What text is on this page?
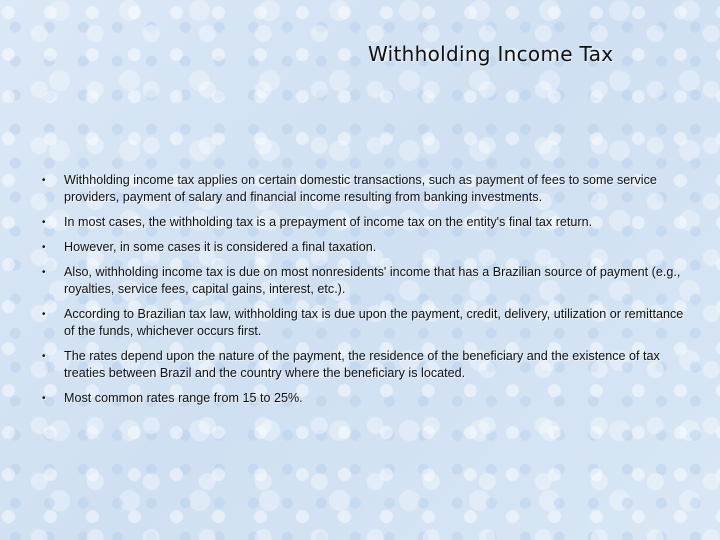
Withholding Income Tax
• Withholding income tax applies on certain domestic transactions, such as payment of fees to some service providers, payment of salary and financial income resulting from banking investments.
• In most cases, the withholding tax is a prepayment of income tax on the entity's final tax return.
• However, in some cases it is considered a final taxation.
• Also, withholding income tax is due on most nonresidents' income that has a Brazilian source of payment (e.g., royalties, service fees, capital gains, interest, etc.).
• According to Brazilian tax law, withholding tax is due upon the payment, credit, delivery, utilization or remittance of the funds, whichever occurs first.
• The rates depend upon the nature of the payment, the residence of the beneficiary and the existence of tax treaties between Brazil and the country where the beneficiary is located.
• Most common rates range from 15 to 25%.
